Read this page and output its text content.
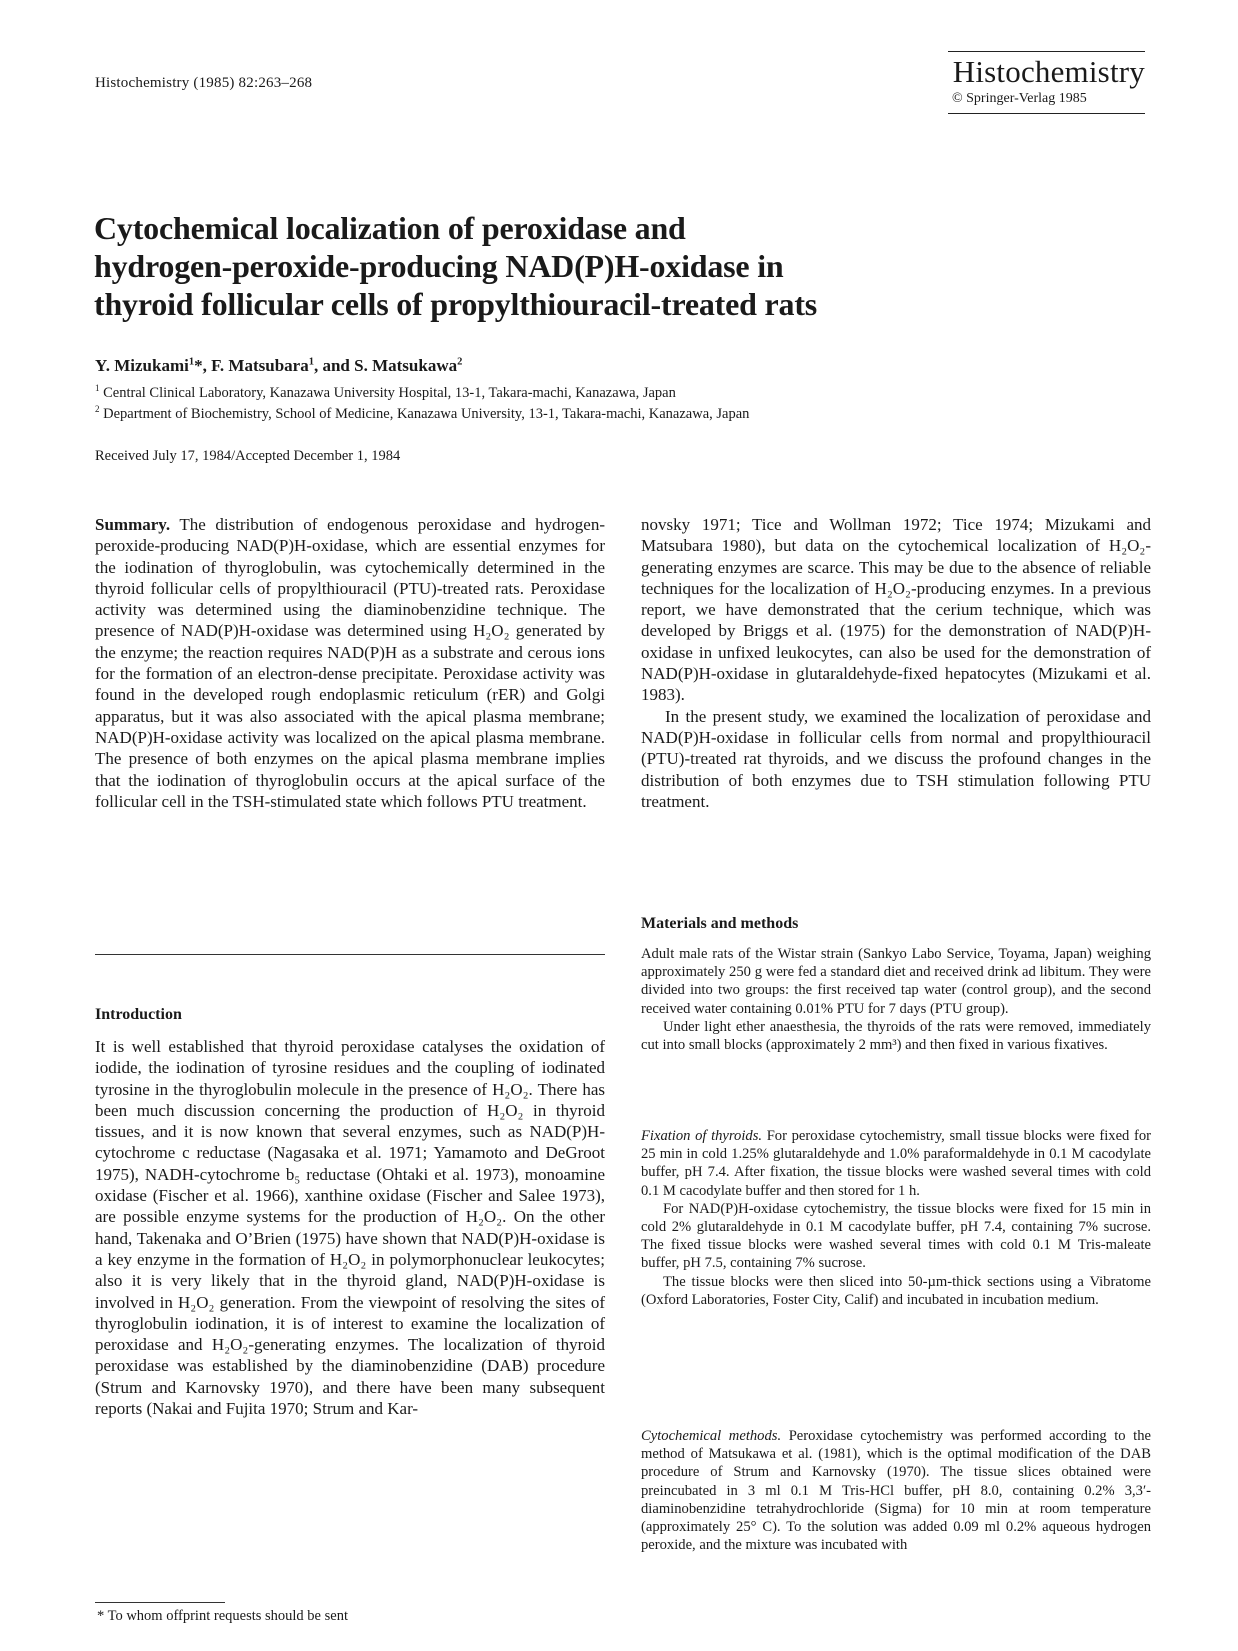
Histochemistry (1985) 82:263–268	Histochemistry
© Springer-Verlag 1985
Cytochemical localization of peroxidase and
hydrogen-peroxide-producing NAD(P)H-oxidase in
thyroid follicular cells of propylthiouracil-treated rats
Y. Mizukami$^1$*, F. Matsubara$^1$, and S. Matsukawa$^2$
$^1$ Central Clinical Laboratory, Kanazawa University Hospital, 13-1, Takara-machi, Kanazawa, Japan
$^2$ Department of Biochemistry, School of Medicine, Kanazawa University, 13-1, Takara-machi, Kanazawa, Japan
Received July 17, 1984/Accepted December 1, 1984

Summary. The distribution of endogenous peroxidase and hydrogen-peroxide-producing NAD(P)H-oxidase, which are essential enzymes for the iodination of thyroglobulin, was cytochemically determined in the thyroid follicular cells of propylthiouracil (PTU)-treated rats. Peroxidase activity was determined using the diaminobenzidine technique. The presence of NAD(P)H-oxidase was determined using H₂O₂ generated by the enzyme; the reaction requires NAD(P)H as a substrate and cerous ions for the formation of an electron-dense precipitate. Peroxidase activity was found in the developed rough endoplasmic reticulum (rER) and Golgi apparatus, but it was also associated with the apical plasma membrane; NAD(P)H-oxidase activity was localized on the apical plasma membrane. The presence of both enzymes on the apical plasma membrane implies that the iodination of thyroglobulin occurs at the apical surface of the follicular cell in the TSH-stimulated state which follows PTU treatment.

Introduction

It is well established that thyroid peroxidase catalyses the oxidation of iodide, the iodination of tyrosine residues and the coupling of iodinated tyrosine in the thyroglobulin molecule in the presence of H₂O₂. There has been much discussion concerning the production of H₂O₂ in thyroid tissues, and it is now known that several enzymes, such as NAD(P)H-cytochrome c reductase (Nagasaka et al. 1971; Yamamoto and DeGroot 1975), NADH-cytochrome b₅ reductase (Ohtaki et al. 1973), monoamine oxidase (Fischer et al. 1966), xanthine oxidase (Fischer and Salee 1973), are possible enzyme systems for the production of H₂O₂. On the other hand, Takenaka and O’Brien (1975) have shown that NAD(P)H-oxidase is a key enzyme in the formation of H₂O₂ in polymorphonuclear leukocytes; also it is very likely that in the thyroid gland, NAD(P)H-oxidase is involved in H₂O₂ generation. From the viewpoint of resolving the sites of thyroglobulin iodination, it is of interest to examine the localization of peroxidase and H₂O₂-generating enzymes. The localization of thyroid peroxidase was established by the diaminobenzidine (DAB) procedure (Strum and Karnovsky 1970), and there have been many subsequent reports (Nakai and Fujita 1970; Strum and Kar-

* To whom offprint requests should be sent

novsky 1971; Tice and Wollman 1972; Tice 1974; Mizukami and Matsubara 1980), but data on the cytochemical localization of H₂O₂-generating enzymes are scarce. This may be due to the absence of reliable techniques for the localization of H₂O₂-producing enzymes. In a previous report, we have demonstrated that the cerium technique, which was developed by Briggs et al. (1975) for the demonstration of NAD(P)H-oxidase in unfixed leukocytes, can also be used for the demonstration of NAD(P)H-oxidase in glutaraldehyde-fixed hepatocytes (Mizukami et al. 1983).

In the present study, we examined the localization of peroxidase and NAD(P)H-oxidase in follicular cells from normal and propylthiouracil (PTU)-treated rat thyroids, and we discuss the profound changes in the distribution of both enzymes due to TSH stimulation following PTU treatment.

Materials and methods

Adult male rats of the Wistar strain (Sankyo Labo Service, Toyama, Japan) weighing approximately 250 g were fed a standard diet and received drink ad libitum. They were divided into two groups: the first received tap water (control group), and the second received water containing 0.01% PTU for 7 days (PTU group).

Under light ether anaesthesia, the thyroids of the rats were removed, immediately cut into small blocks (approximately 2 mm³) and then fixed in various fixatives.

Fixation of thyroids. For peroxidase cytochemistry, small tissue blocks were fixed for 25 min in cold 1.25% glutaraldehyde and 1.0% paraformaldehyde in 0.1 M cacodylate buffer, pH 7.4. After fixation, the tissue blocks were washed several times with cold 0.1 M cacodylate buffer and then stored for 1 h.

For NAD(P)H-oxidase cytochemistry, the tissue blocks were fixed for 15 min in cold 2% glutaraldehyde in 0.1 M cacodylate buffer, pH 7.4, containing 7% sucrose. The fixed tissue blocks were washed several times with cold 0.1 M Tris-maleate buffer, pH 7.5, containing 7% sucrose.

The tissue blocks were then sliced into 50-µm-thick sections using a Vibratome (Oxford Laboratories, Foster City, Calif) and incubated in incubation medium.

Cytochemical methods. Peroxidase cytochemistry was performed according to the method of Matsukawa et al. (1981), which is the optimal modification of the DAB procedure of Strum and Karnovsky (1970). The tissue slices obtained were preincubated in 3 ml 0.1 M Tris-HCl buffer, pH 8.0, containing 0.2% 3,3′-diaminobenzidine tetrahydrochloride (Sigma) for 10 min at room temperature (approximately 25° C). To the solution was added 0.09 ml 0.2% aqueous hydrogen peroxide, and the mixture was incubated with
